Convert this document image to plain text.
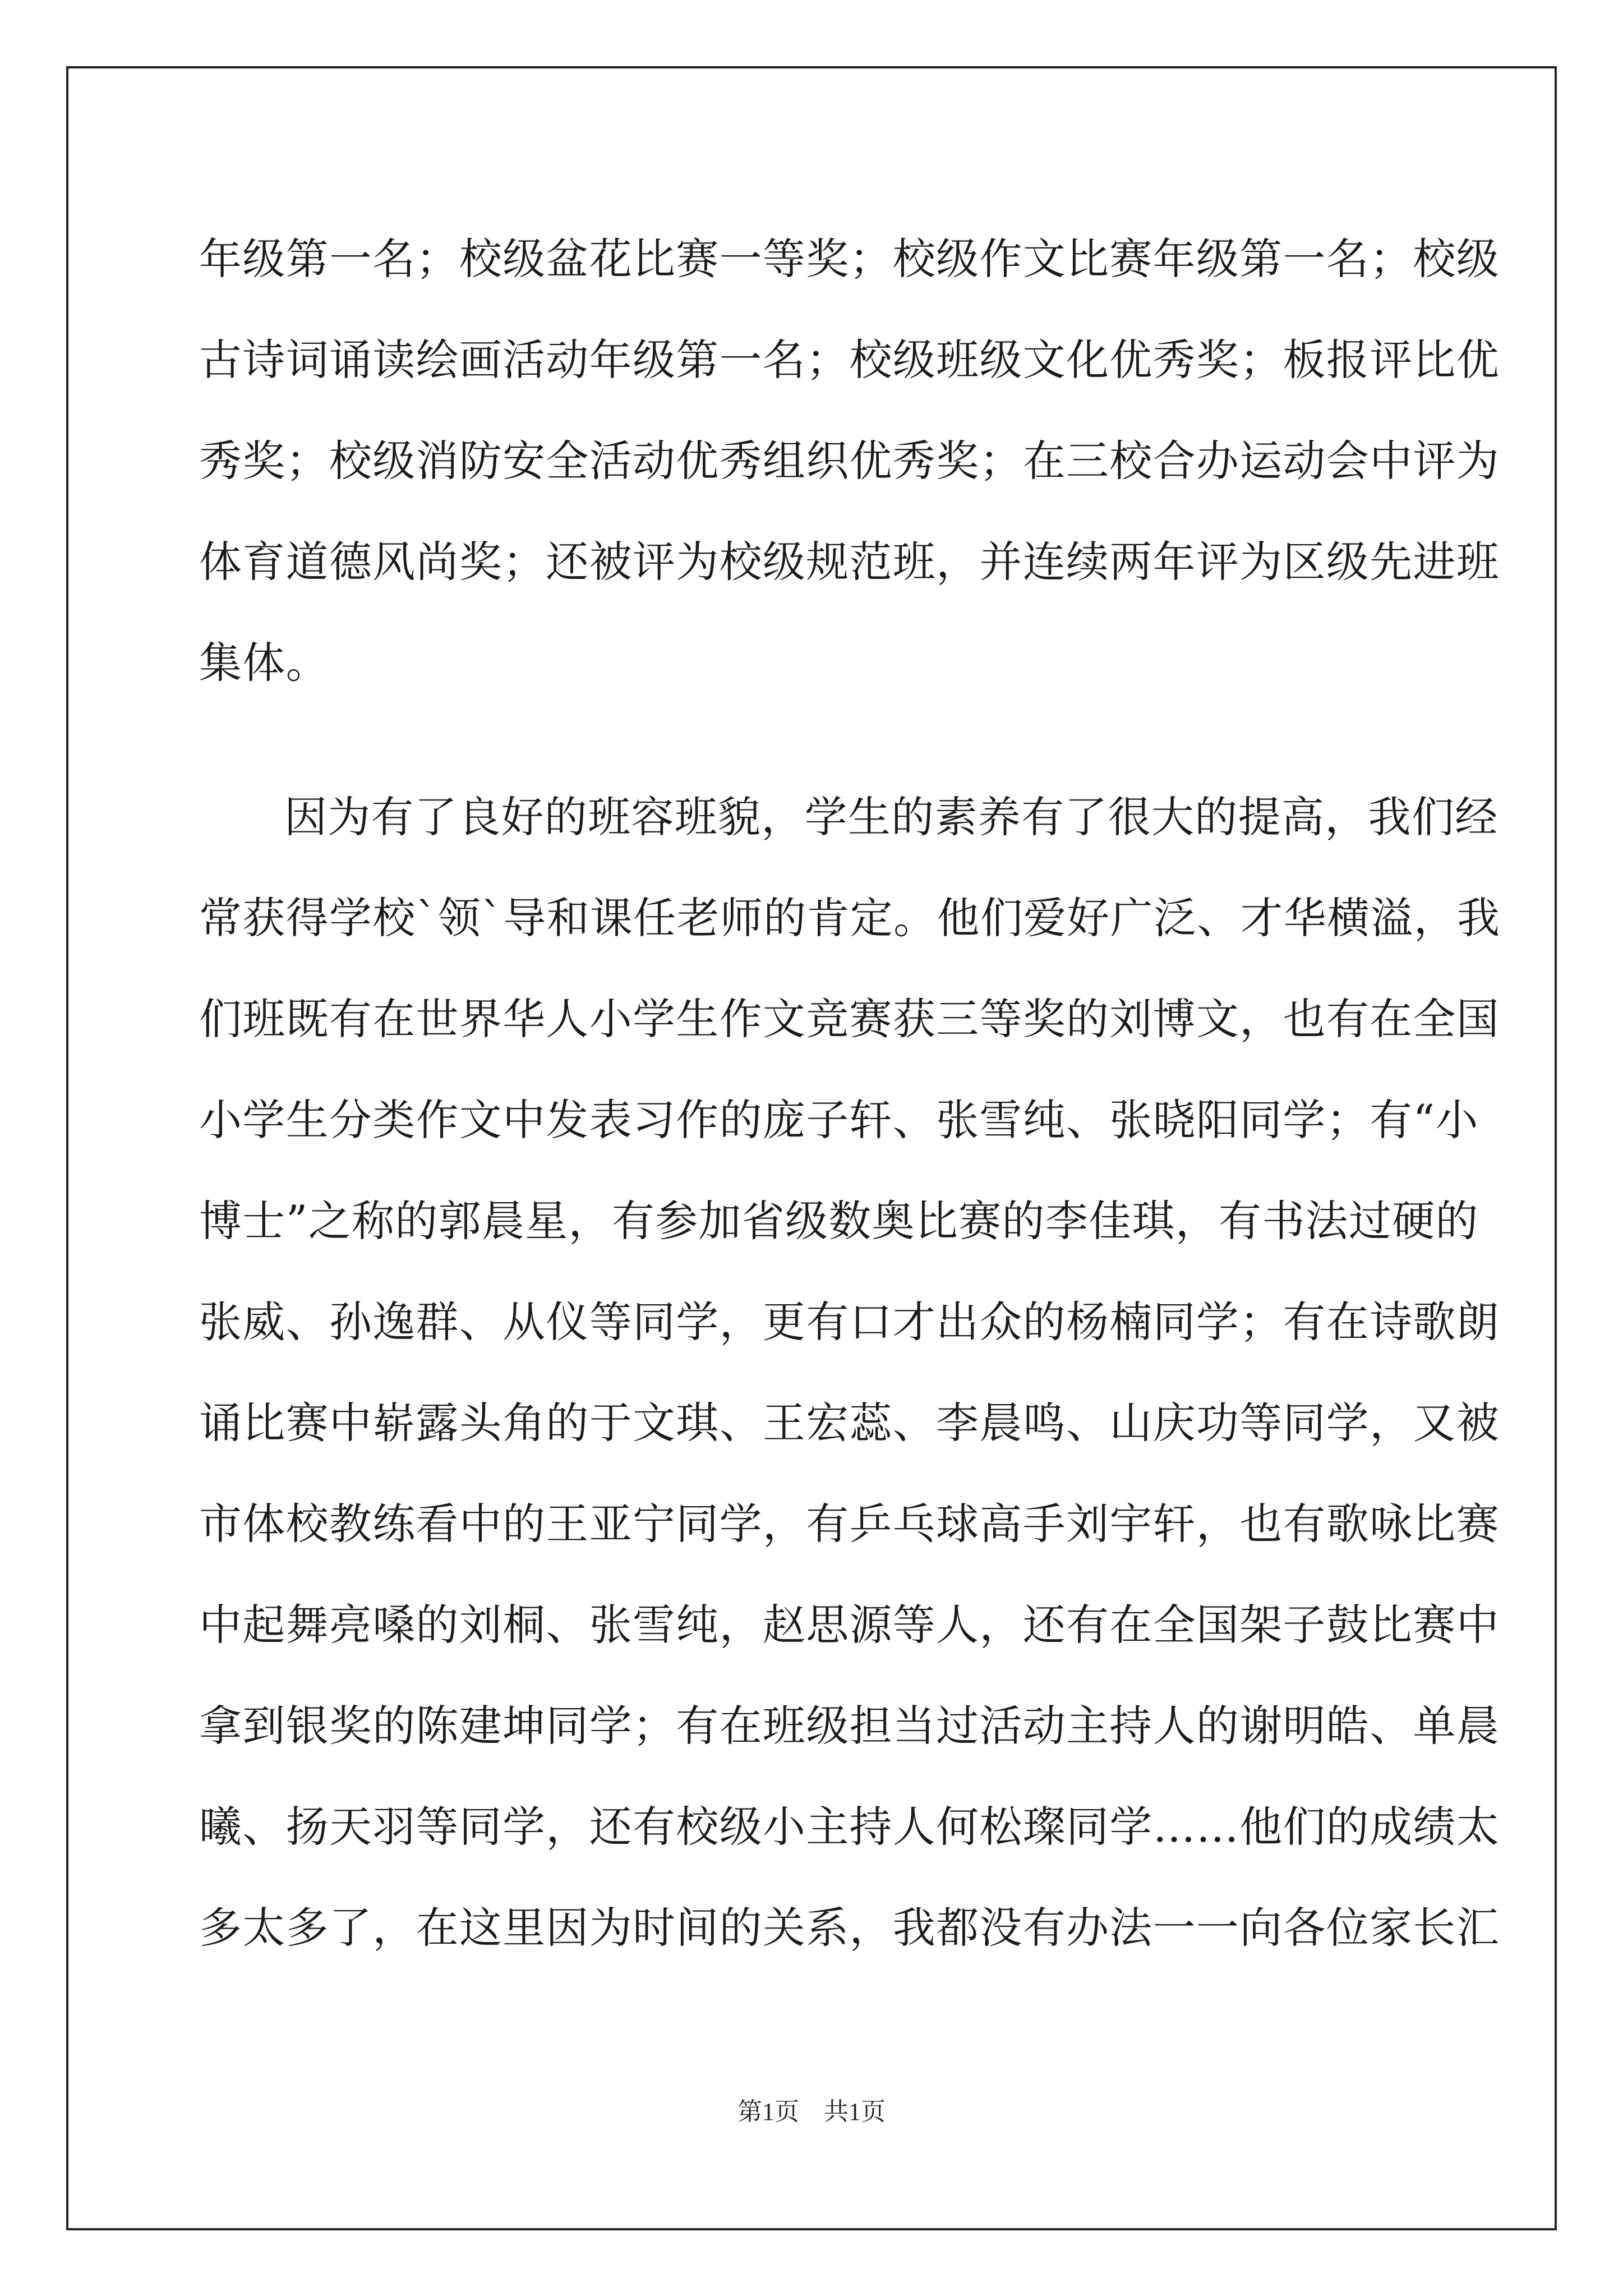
年级第一名；校级盆花比赛一等奖；校级作文比赛年级第一名；校级
古诗词诵读绘画活动年级第一名；校级班级文化优秀奖；板报评比优
秀奖；校级消防安全活动优秀组织优秀奖；在三校合办运动会中评为
体育道德风尚奖；还被评为校级规范班，并连续两年评为区级先进班
集体。
因为有了良好的班容班貌，学生的素养有了很大的提高，我们经
常获得学校`领`导和课任老师的肯定。他们爱好广泛、才华横溢，我
们班既有在世界华人小学生作文竞赛获三等奖的刘博文，也有在全国
小学生分类作文中发表习作的庞子轩、张雪纯、张晓阳同学；有“小
博士”之称的郭晨星，有参加省级数奥比赛的李佳琪，有书法过硬的
张威、孙逸群、从仪等同学，更有口才出众的杨楠同学；有在诗歌朗
诵比赛中崭露头角的于文琪、王宏蕊、李晨鸣、山庆功等同学，又被
市体校教练看中的王亚宁同学，有乒乓球高手刘宇轩，也有歌咏比赛
中起舞亮嗓的刘桐、张雪纯，赵思源等人，还有在全国架子鼓比赛中
拿到银奖的陈建坤同学；有在班级担当过活动主持人的谢明皓、单晨
曦、扬天羽等同学，还有校级小主持人何松璨同学……他们的成绩太
多太多了，在这里因为时间的关系，我都没有办法一一向各位家长汇
第1页　共1页
